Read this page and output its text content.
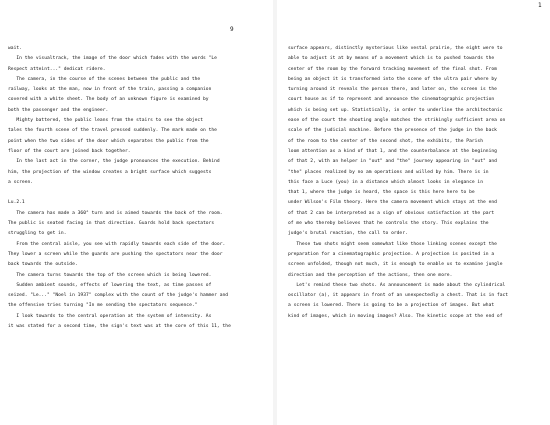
9
wait.
In the visualtrack, the image of the door which fades with the words "Le
Respect atteint..." dedicat ridere.
The camera, in the course of the scenes between the public and the
railway, looks at the man, now in front of the train, passing a companion
covered with a white sheet. The body of an unknown figure is examined by
both the passenger and the engineer.
Mighty battered, the public leans from the stairs to see the object
tales the fourth scene of the travel pressed suddenly. The mark made on the
point when the two sides of the door which separates the public from the
floor of the court are joined back together.
In the last act in the corner, the judge pronounces the execution. Behind
him, the projection of the window creates a bright surface which suggests
a screen.
Lu.2.1
The camera has made a 360° turn and is aimed towards the back of the room.
The public is seated facing in that direction. Guards hold back spectators
struggling to get in.
From the central aisle, you see with rapidly towards each side of the door.
They lower a screen while the guards are pushing the spectators near the door
back towards the outside.
The camera turns towards the top of the screen which is being lowered.
Sudden ambient sounds, effects of lowering the text, as time passes of
seized. "Le..." "Noel in 1937" complex with the count of the judge's hammer and
the offensive tries turning "In me sending the spectators sequence."
I look towards to the central operation at the system of intensity. As
it was stated for a second time, the sign's text was at the core of this 11, the
surface appears, distinctly mysterious like vestal prairie, the eight were to
able to adjust it at by means of a movement which is to pushed towards the
center of the room by the forward tracking movement of the final shot. From
being an object it is transformed into the scene of the ultra pair where by
turning around it reveals the person there, and later on, the screen is the
court house as if to represent and announce the cinematographic projection
which is being set up. Statistically, in order to underline the architectonic
ease of the court the shooting angle matches the strikingly sufficient area on
scale of the judicial machine. Before the presence of the judge in the back
of the room to the center of the second shot, the exhibits, the Parish
loom attention as a kind of that 1, and the counterbalance at the beginning
of that 2, with an helper in "out" and "the" journey appearing in "out" and
"the" places realized by no am operations and willed by him. There is in
this face a Luce (you) in a distance which almost looks in elegance in
that 1, where the judge is heard, the space is this here here to be
under Wilson's Film theory. Here the camera movement which stays at the end
of that 2 can be interpreted as a sign of obvious satisfaction at the part
of me who thereby believes that he controls the story. This explains the
judge's brutal reaction, the call to order.
These two shots might seem somewhat like those linking scenes except the
preparation for a cinematographic projection. A projection is posited in a
screen unfolded, though not much, it is enough to enable us to examine jungle
direction and the perception of the actions, then one more.
Let's remind these two shots. As announcement is made about the cylindrical
oscillator (a), it appears in front of an unexpectedly a chest. That is in fact
a screen is lowered. There is going to be a projection of images. But what
kind of images, which in moving images? Also. The kinetic scope at the end of
1
